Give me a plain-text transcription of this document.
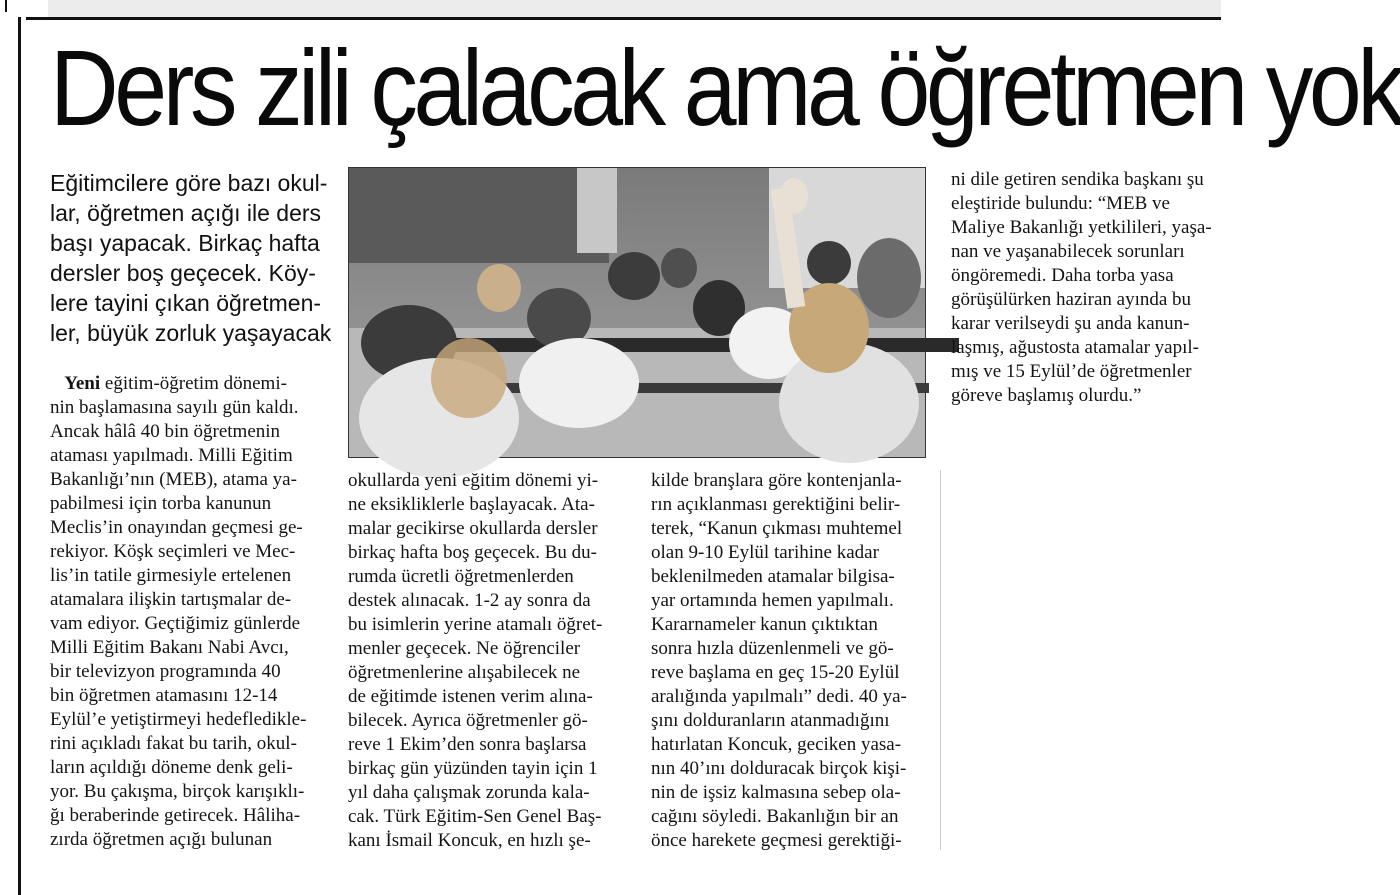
Ders zili çalacak ama öğretmen yok
Eğitimcilere göre bazı okul-
lar, öğretmen açığı ile ders
başı yapacak. Birkaç hafta
dersler boş geçecek. Köy-
lere tayini çıkan öğretmen-
ler, büyük zorluk yaşayacak
Yeni eğitim-öğretim dönemi-
nin başlamasına sayılı gün kaldı.
Ancak hâlâ 40 bin öğretmenin
ataması yapılmadı. Milli Eğitim
Bakanlığı’nın (MEB), atama ya-
pabilmesi için torba kanunun
Meclis’in onayından geçmesi ge-
rekiyor. Köşk seçimleri ve Mec-
lis’in tatile girmesiyle ertelenen
atamalara ilişkin tartışmalar de-
vam ediyor. Geçtiğimiz günlerde
Milli Eğitim Bakanı Nabi Avcı,
bir televizyon programında 40
bin öğretmen atamasını 12-14
Eylül’e yetiştirmeyi hedefledikle-
rini açıkladı fakat bu tarih, okul-
ların açıldığı döneme denk geli-
yor. Bu çakışma, birçok karışıklı-
ğı beraberinde getirecek. Hâliha-
zırda öğretmen açığı bulunan
okullarda yeni eğitim dönemi yi-
ne eksikliklerle başlayacak. Ata-
malar gecikirse okullarda dersler
birkaç hafta boş geçecek. Bu du-
rumda ücretli öğretmenlerden
destek alınacak. 1-2 ay sonra da
bu isimlerin yerine atamalı öğret-
menler geçecek. Ne öğrenciler
öğretmenlerine alışabilecek ne
de eğitimde istenen verim alına-
bilecek. Ayrıca öğretmenler gö-
reve 1 Ekim’den sonra başlarsa
birkaç gün yüzünden tayin için 1
yıl daha çalışmak zorunda kala-
cak. Türk Eğitim-Sen Genel Baş-
kanı İsmail Koncuk, en hızlı şe-
kilde branşlara göre kontenjanla-
rın açıklanması gerektiğini belir-
terek, “Kanun çıkması muhtemel
olan 9-10 Eylül tarihine kadar
beklenilmeden atamalar bilgisa-
yar ortamında hemen yapılmalı.
Kararnameler kanun çıktıktan
sonra hızla düzenlenmeli ve gö-
reve başlama en geç 15-20 Eylül
aralığında yapılmalı” dedi. 40 ya-
şını dolduranların atanmadığını
hatırlatan Koncuk, geciken yasa-
nın 40’ını dolduracak birçok kişi-
nin de işsiz kalmasına sebep ola-
cağını söyledi. Bakanlığın bir an
önce harekete geçmesi gerektiği-
ni dile getiren sendika başkanı şu
eleştiride bulundu: “MEB ve
Maliye Bakanlığı yetkilileri, yaşa-
nan ve yaşanabilecek sorunları
öngöremedi. Daha torba yasa
görüşülürken haziran ayında bu
karar verilseydi şu anda kanun-
laşmış, ağustosta atamalar yapıl-
mış ve 15 Eylül’de öğretmenler
göreve başlamış olurdu.”
